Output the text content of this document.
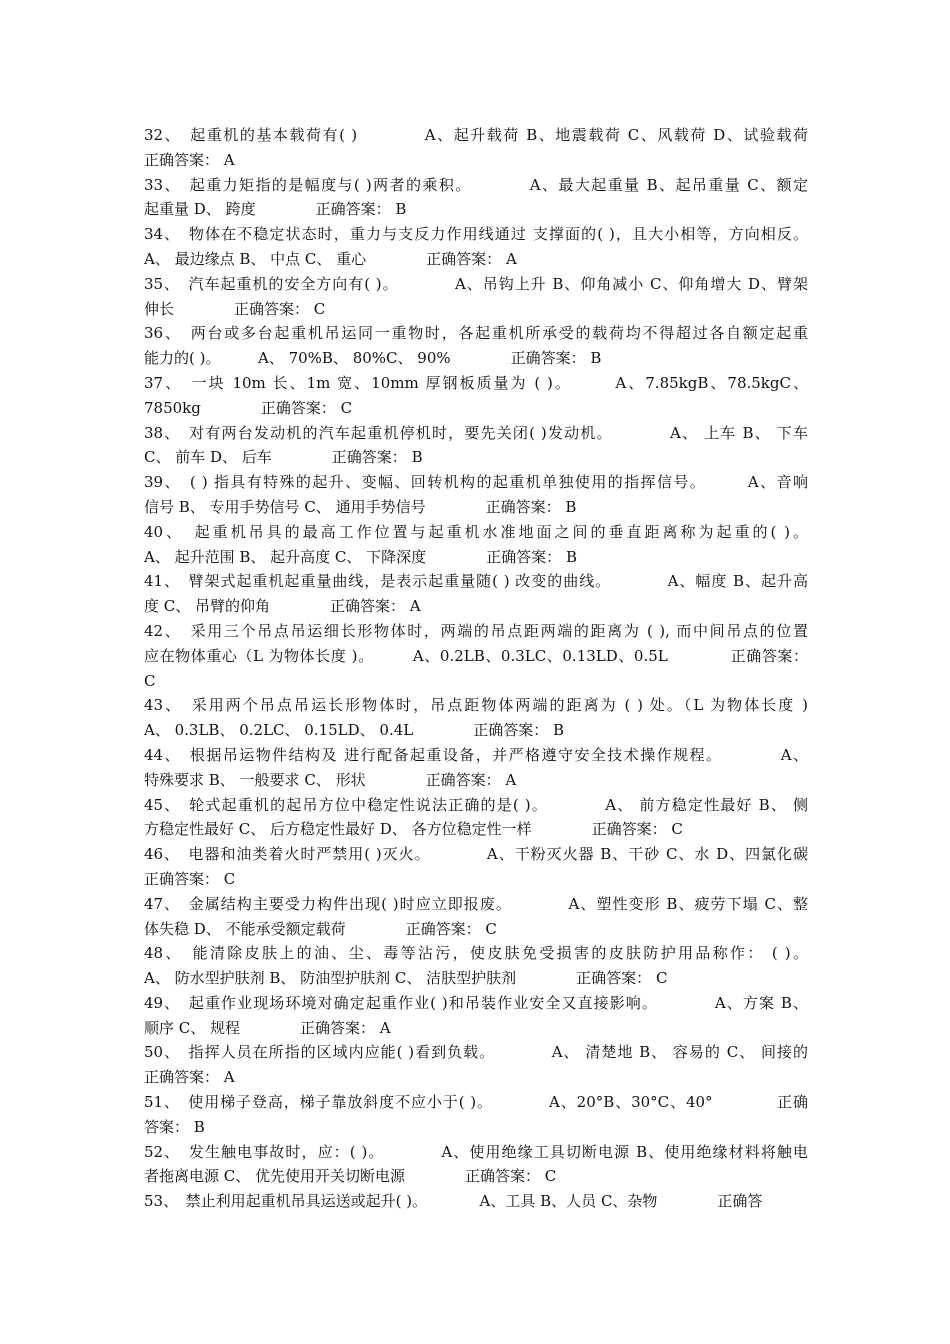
32、　起重机的基本载荷有( )　　　　A、起升载荷 B、地震载荷 C、风载荷 D、试验载荷
正确答案： A
33、　起重力矩指的是幅度与( )两者的乘积。　　　　A、最大起重量 B、起吊重量 C、额定
起重量 D、 跨度　　　　正确答案： B
34、　物体在不稳定状态时，重力与支反力作用线通过 支撑面的( )，且大小相等，方向相反。
A、 最边缘点 B、 中点 C、 重心　　　　正确答案： A
35、　汽车起重机的安全方向有( )。　　　　A、吊钩上升 B、仰角减小 C、仰角增大 D、臂架
伸长　　　　正确答案： C
36、　两台或多台起重机吊运同一重物时，各起重机所承受的载荷均不得超过各自额定起重
能力的( )。　　　A、 70%B、 80%C、 90%　　　　正确答案： B
37、　一块 10m 长、1m 宽、10mm 厚钢板质量为 ( )。　　　A、7.85kgB、78.5kgC、
7850kg　　　　正确答案： C
38、　对有两台发动机的汽车起重机停机时，要先关闭( )发动机。　　　　A、 上车 B、 下车
C、 前车 D、 后车　　　　正确答案： B
39、　( ) 指具有特殊的起升、变幅、回转机构的起重机单独使用的指挥信号。　　　A、音响
信号 B、 专用手势信号 C、 通用手势信号　　　　正确答案： B
40、　起重机吊具的最高工作位置与起重机水准地面之间的垂直距离称为起重的( )。
A、 起升范围 B、 起升高度 C、 下降深度　　　　正确答案： B
41、　臂架式起重机起重量曲线，是表示起重量随( ) 改变的曲线。　　　　A、幅度 B、起升高
度 C、 吊臂的仰角　　　　正确答案： A
42、　采用三个吊点吊运细长形物体时，两端的吊点距两端的距离为 ( ), 而中间吊点的位置
应在物体重心（L 为物体长度 )。　　　A、0.2LB、0.3LC、0.13LD、0.5L　　　　正确答案：
C
43、　采用两个吊点吊运长形物体时，吊点距物体两端的距离为 ( ) 处。（L 为物体长度 )
A、 0.3LB、 0.2LC、 0.15LD、 0.4L　　　　正确答案： B
44、　根据吊运物件结构及 进行配备起重设备，并严格遵守安全技术操作规程。　　　　A、
特殊要求 B、 一般要求 C、 形状　　　　正确答案： A
45、　轮式起重机的起吊方位中稳定性说法正确的是( )。　　　　A、 前方稳定性最好 B、 侧
方稳定性最好 C、 后方稳定性最好 D、 各方位稳定性一样　　　　正确答案： C
46、　电器和油类着火时严禁用( )灭火。　　　　A、干粉灭火器 B、干砂 C、水 D、四氯化碳
正确答案： C
47、　金属结构主要受力构件出现( )时应立即报废。　　　　A、塑性变形 B、疲劳下塌 C、整
体失稳 D、 不能承受额定载荷　　　　正确答案： C
48、　能清除皮肤上的油、尘、毒等沾污，使皮肤免受损害的皮肤防护用品称作： ( )。
A、 防水型护肤剂 B、 防油型护肤剂 C、 洁肤型护肤剂　　　　正确答案： C
49、　起重作业现场环境对确定起重作业( )和吊装作业安全又直接影响。　　　　A、方案 B、
顺序 C、 规程　　　　正确答案： A
50、　指挥人员在所指的区域内应能( )看到负载。　　　　A、 清楚地 B、 容易的 C、 间接的
正确答案： A
51、　使用梯子登高，梯子靠放斜度不应小于( )。　　　　A、20°B、30°C、40°　　　　正确
答案： B
52、　发生触电事故时，应：( )。　　　　A、使用绝缘工具切断电源 B、使用绝缘材料将触电
者拖离电源 C、 优先使用开关切断电源　　　　正确答案： C
53、　禁止利用起重机吊具运送或起升( )。　　　　A、工具 B、人员 C、杂物　　　　正确答
